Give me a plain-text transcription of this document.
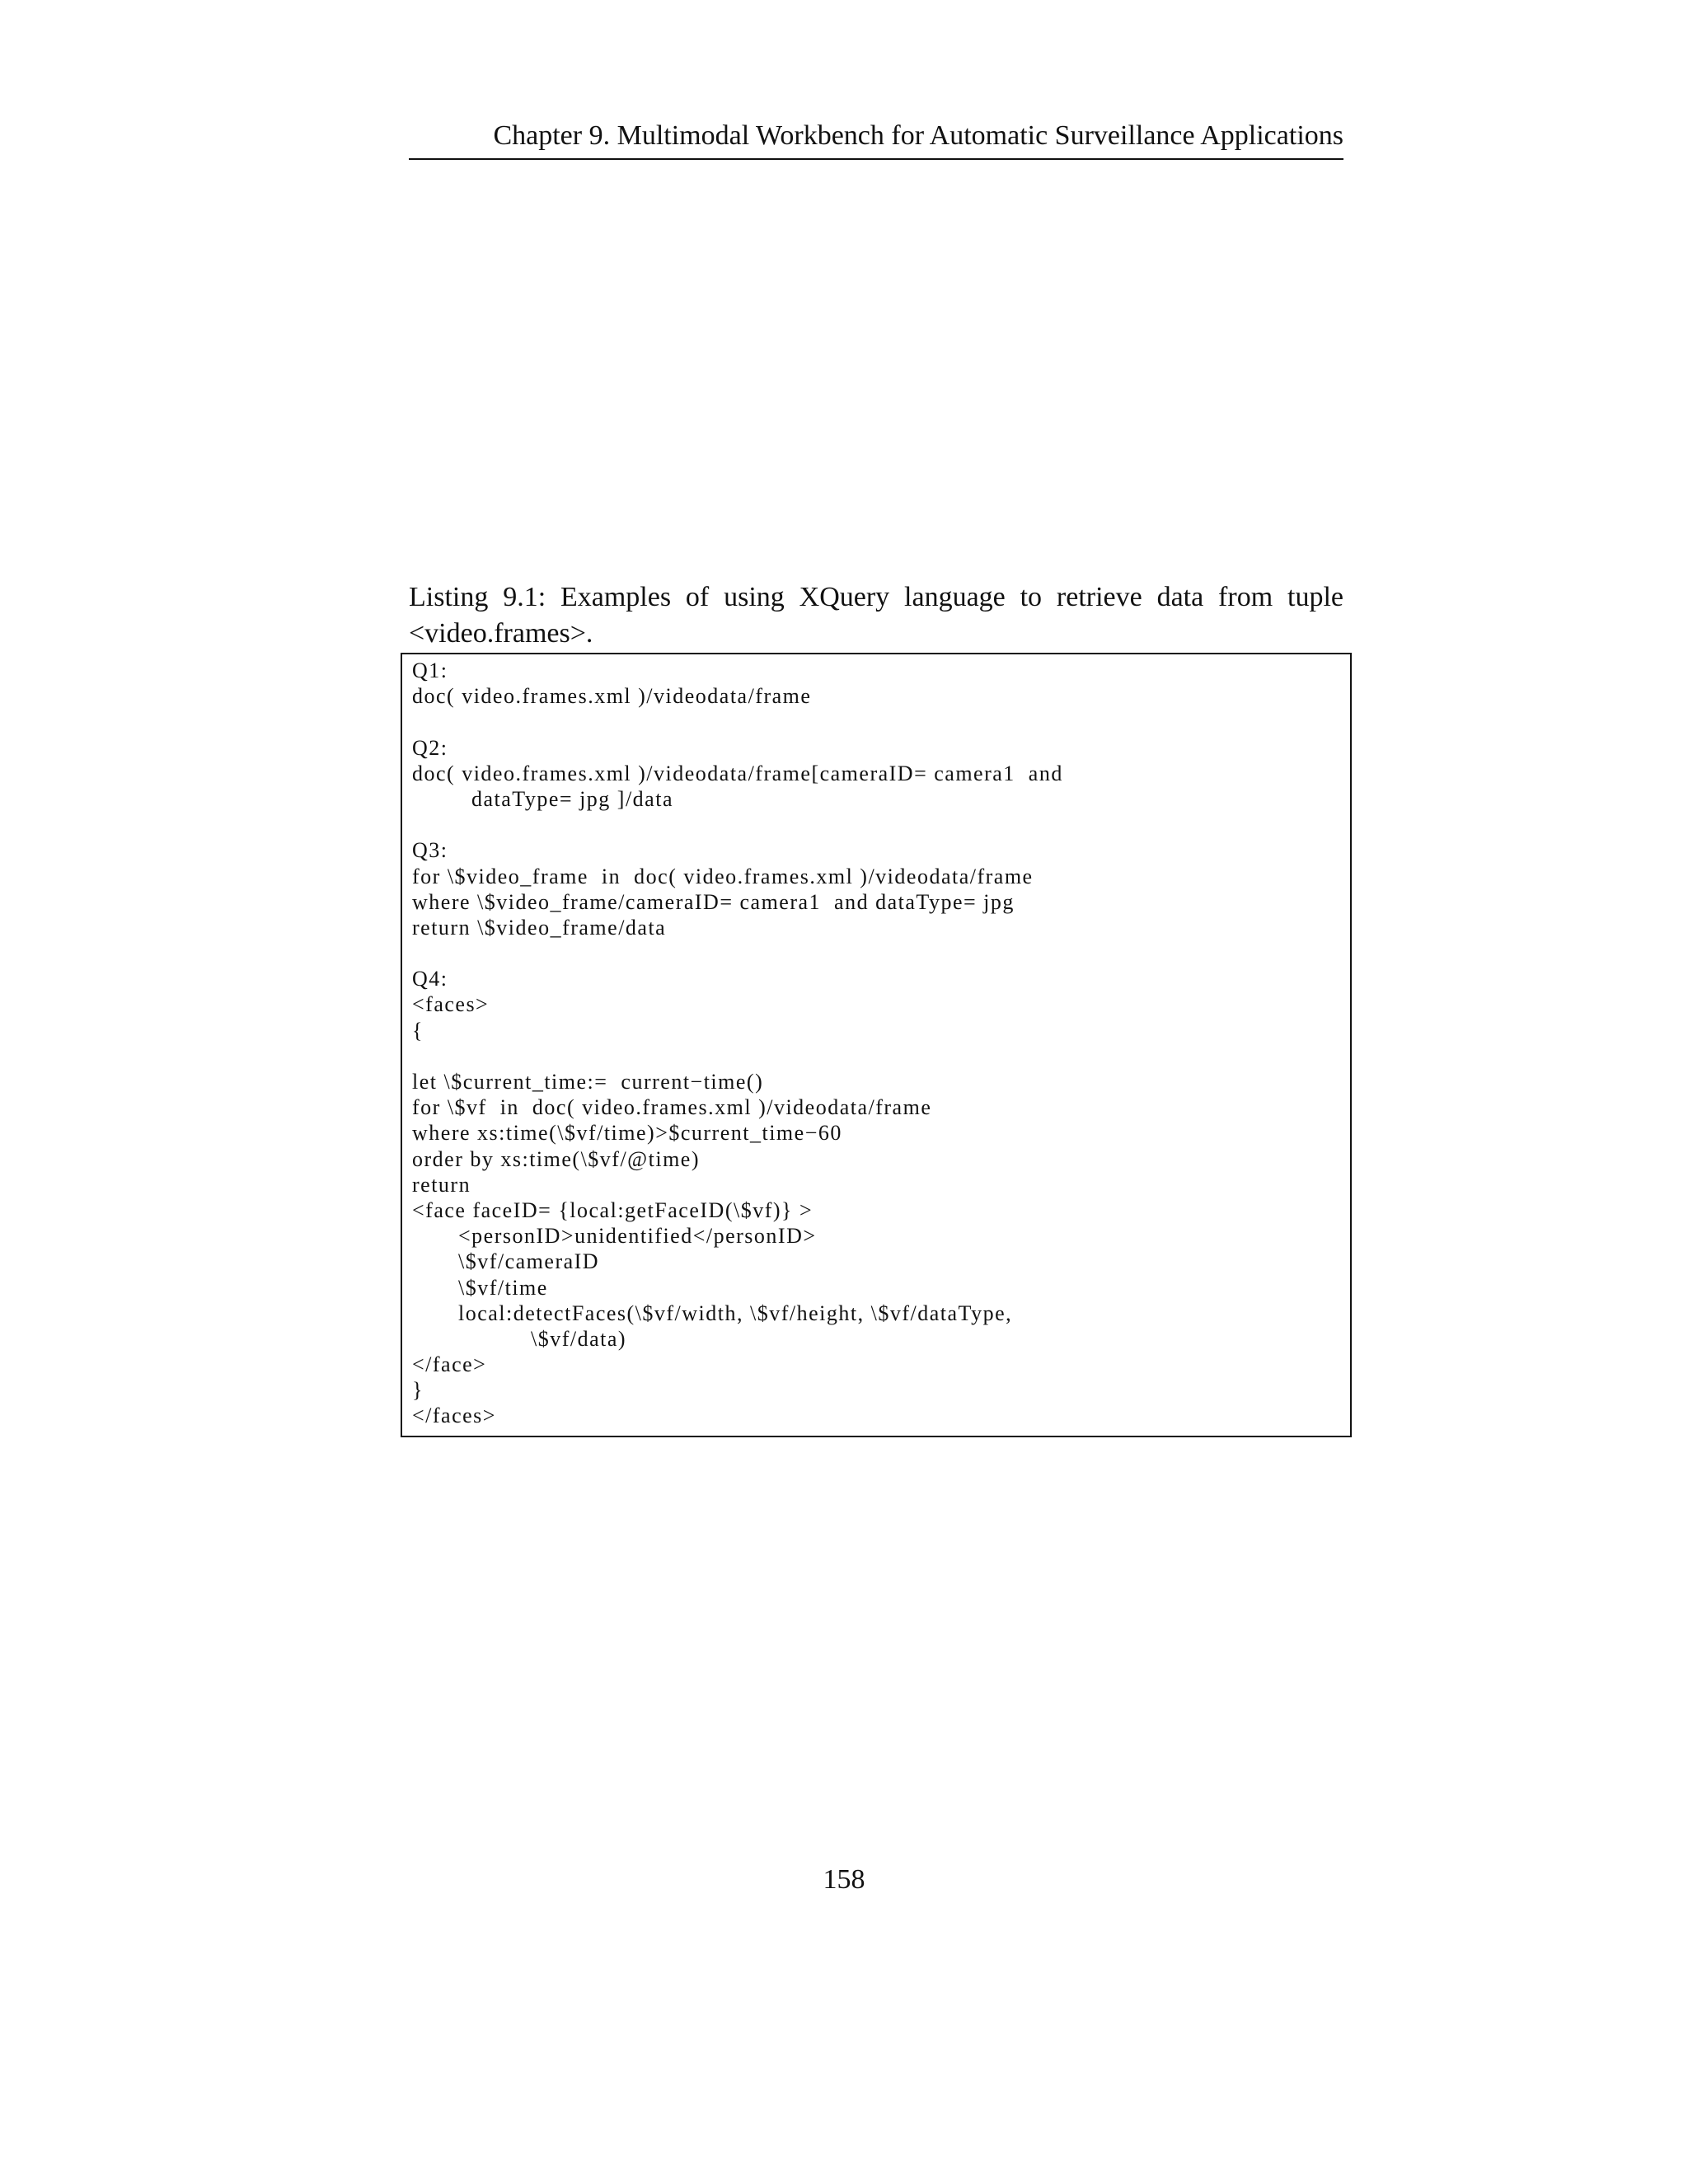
Chapter 9. Multimodal Workbench for Automatic Surveillance Applications
Listing 9.1: Examples of using XQuery language to retrieve data from tuple <video.frames>.
Q1:
doc( video.frames.xml )/videodata/frame
Q2:
doc( video.frames.xml )/videodata/frame[cameraID= camera1  and
dataType= jpg ]/data
Q3:
for \$video_frame  in  doc( video.frames.xml )/videodata/frame
where \$video_frame/cameraID= camera1  and dataType= jpg
return \$video_frame/data
Q4:
<faces>
{
let \$current_time:=  current−time()
for \$vf  in  doc( video.frames.xml )/videodata/frame
where xs:time(\$vf/time)>$current_time−60
order by xs:time(\$vf/@time)
return
<face faceID= {local:getFaceID(\$vf)} >
<personID>unidentified</personID>
\$vf/cameraID
\$vf/time
local:detectFaces(\$vf/width, \$vf/height, \$vf/dataType,
\$vf/data)
</face>
}
</faces>
158
